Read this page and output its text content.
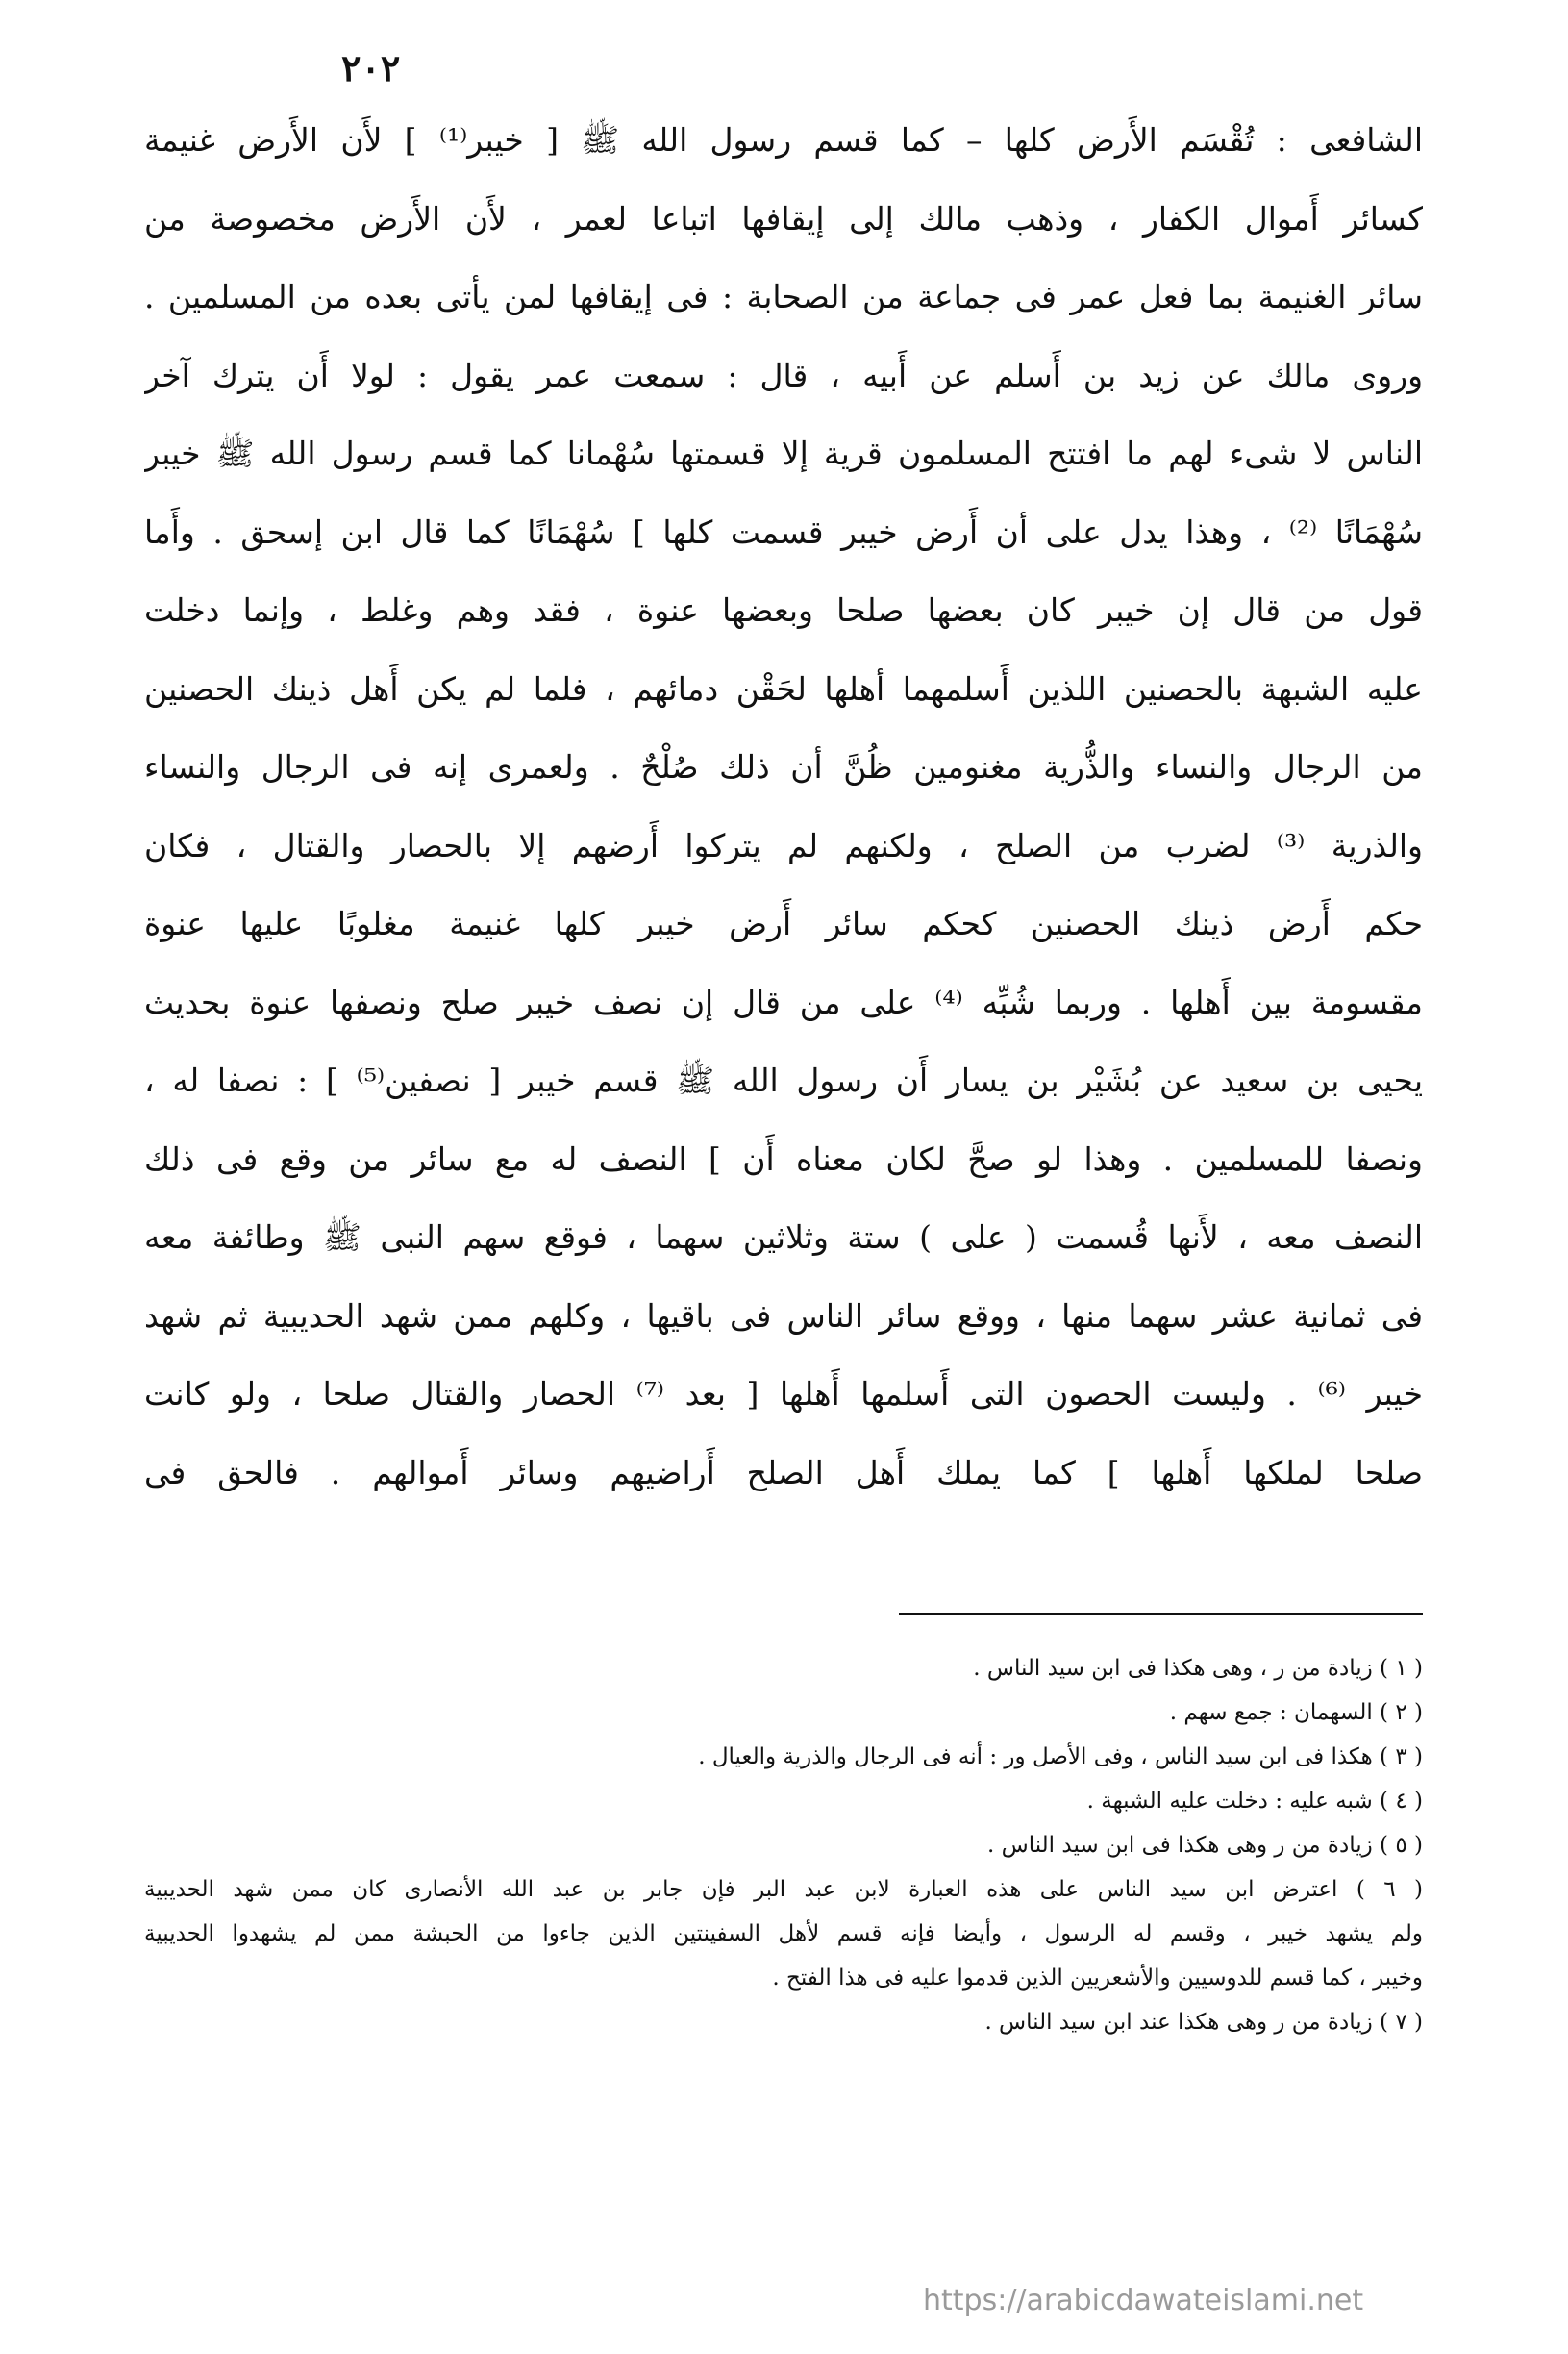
٢٠٢
الشافعى : تُقْسَم الأَرض كلها – كما قسم رسول الله ﷺ [ خيبر⁽¹⁾ ] لأَن الأَرض غنيمة
كسائر أَموال الكفار ، وذهب مالك إلى إيقافها اتباعا لعمر ، لأَن الأَرض مخصوصة من
سائر الغنيمة بما فعل عمر فى جماعة من الصحابة : فى إيقافها لمن يأتى بعده من المسلمين .
وروى مالك عن زيد بن أَسلم عن أَبيه ، قال : سمعت عمر يقول : لولا أَن يترك آخر
الناس لا شىء لهم ما افتتح المسلمون قرية إلا قسمتها سُهْمانا كما قسم رسول الله ﷺ خيبر
سُهْمَانًا ⁽²⁾ ، وهذا يدل على أن أَرض خيبر قسمت كلها ] سُهْمَانًا كما قال ابن إسحق . وأَما
قول من قال إن خيبر كان بعضها صلحا وبعضها عنوة ، فقد وهم وغلط ، وإنما دخلت
عليه الشبهة بالحصنين اللذين أَسلمهما أهلها لحَقْن دمائهم ، فلما لم يكن أَهل ذينك الحصنين
من الرجال والنساء والذُّرية مغنومين ظُنَّ أن ذلك صُلْحٌ . ولعمرى إنه فى الرجال والنساء
والذرية ⁽³⁾ لضرب من الصلح ، ولكنهم لم يتركوا أَرضهم إلا بالحصار والقتال ، فكان
حكم أَرض ذينك الحصنين كحكم سائر أَرض خيبر كلها غنيمة مغلوبًا عليها عنوة
مقسومة بين أَهلها . وربما شُبِّه ⁽⁴⁾ على من قال إن نصف خيبر صلح ونصفها عنوة بحديث
يحيى بن سعيد عن بُشَيْر بن يسار أَن رسول الله ﷺ قسم خيبر [ نصفين⁽⁵⁾ ] : نصفا له ،
ونصفا للمسلمين . وهذا لو صحَّ لكان معناه أَن ] النصف له مع سائر من وقع فى ذلك
النصف معه ، لأَنها قُسمت ( على ) ستة وثلاثين سهما ، فوقع سهم النبى ﷺ وطائفة معه
فى ثمانية عشر سهما منها ، ووقع سائر الناس فى باقيها ، وكلهم ممن شهد الحديبية ثم شهد
خيبر ⁽⁶⁾ . وليست الحصون التى أَسلمها أَهلها [ بعد ⁽⁷⁾ الحصار والقتال صلحا ، ولو كانت
صلحا لملكها أَهلها ] كما يملك أَهل الصلح أَراضيهم وسائر أَموالهم . فالحق فى
( ١ ) زيادة من ر ، وهى هكذا فى ابن سيد الناس .
( ٢ ) السهمان : جمع سهم .
( ٣ ) هكذا فى ابن سيد الناس ، وفى الأصل ور : أنه فى الرجال والذرية والعيال .
( ٤ ) شبه عليه : دخلت عليه الشبهة .
( ٥ ) زيادة من ر وهى هكذا فى ابن سيد الناس .
( ٦ ) اعترض ابن سيد الناس على هذه العبارة لابن عبد البر فإن جابر بن عبد الله الأنصارى كان ممن شهد الحديبية
ولم يشهد خيبر ، وقسم له الرسول ، وأيضا فإنه قسم لأهل السفينتين الذين جاءوا من الحبشة ممن لم يشهدوا الحديبية
وخيبر ، كما قسم للدوسيين والأشعريين الذين قدموا عليه فى هذا الفتح .
( ٧ ) زيادة من ر وهى هكذا عند ابن سيد الناس .
https://arabicdawateislami.net
